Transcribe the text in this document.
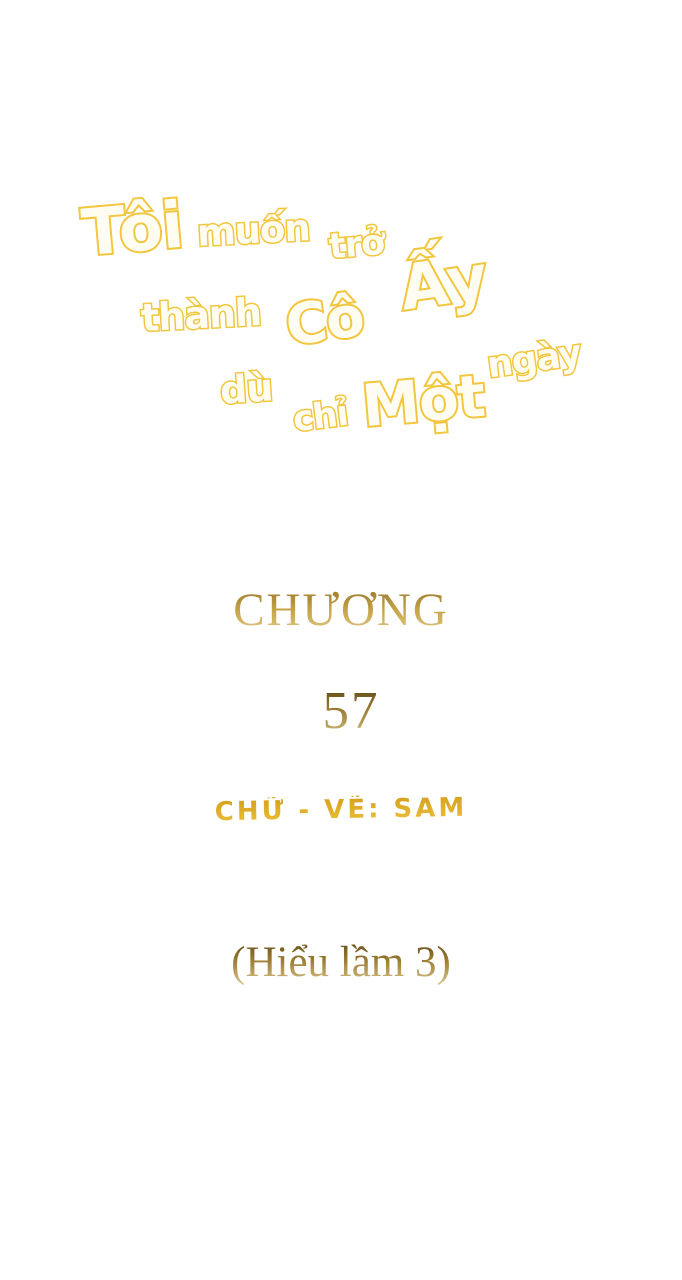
Tôi muốn trở Ấy
thành Cô
ngày
dù
chỉ Một
CHƯƠNG
57
CHỮ - VẼ: SAM
(Hiểu lầm 3)
